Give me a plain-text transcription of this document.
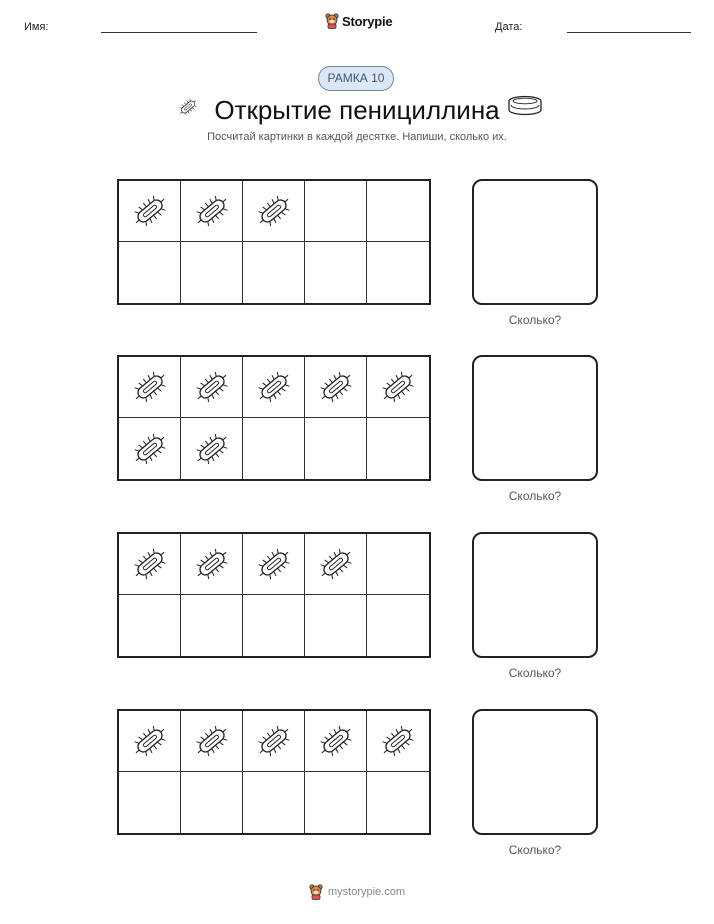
Имя:	Storypie	Дата:
РАМКА 10
Открытие пенициллина
Посчитай картинки в каждой десятке. Напиши, сколько их.
Сколько?
Сколько?
Сколько?
Сколько?
mystorypie.com
